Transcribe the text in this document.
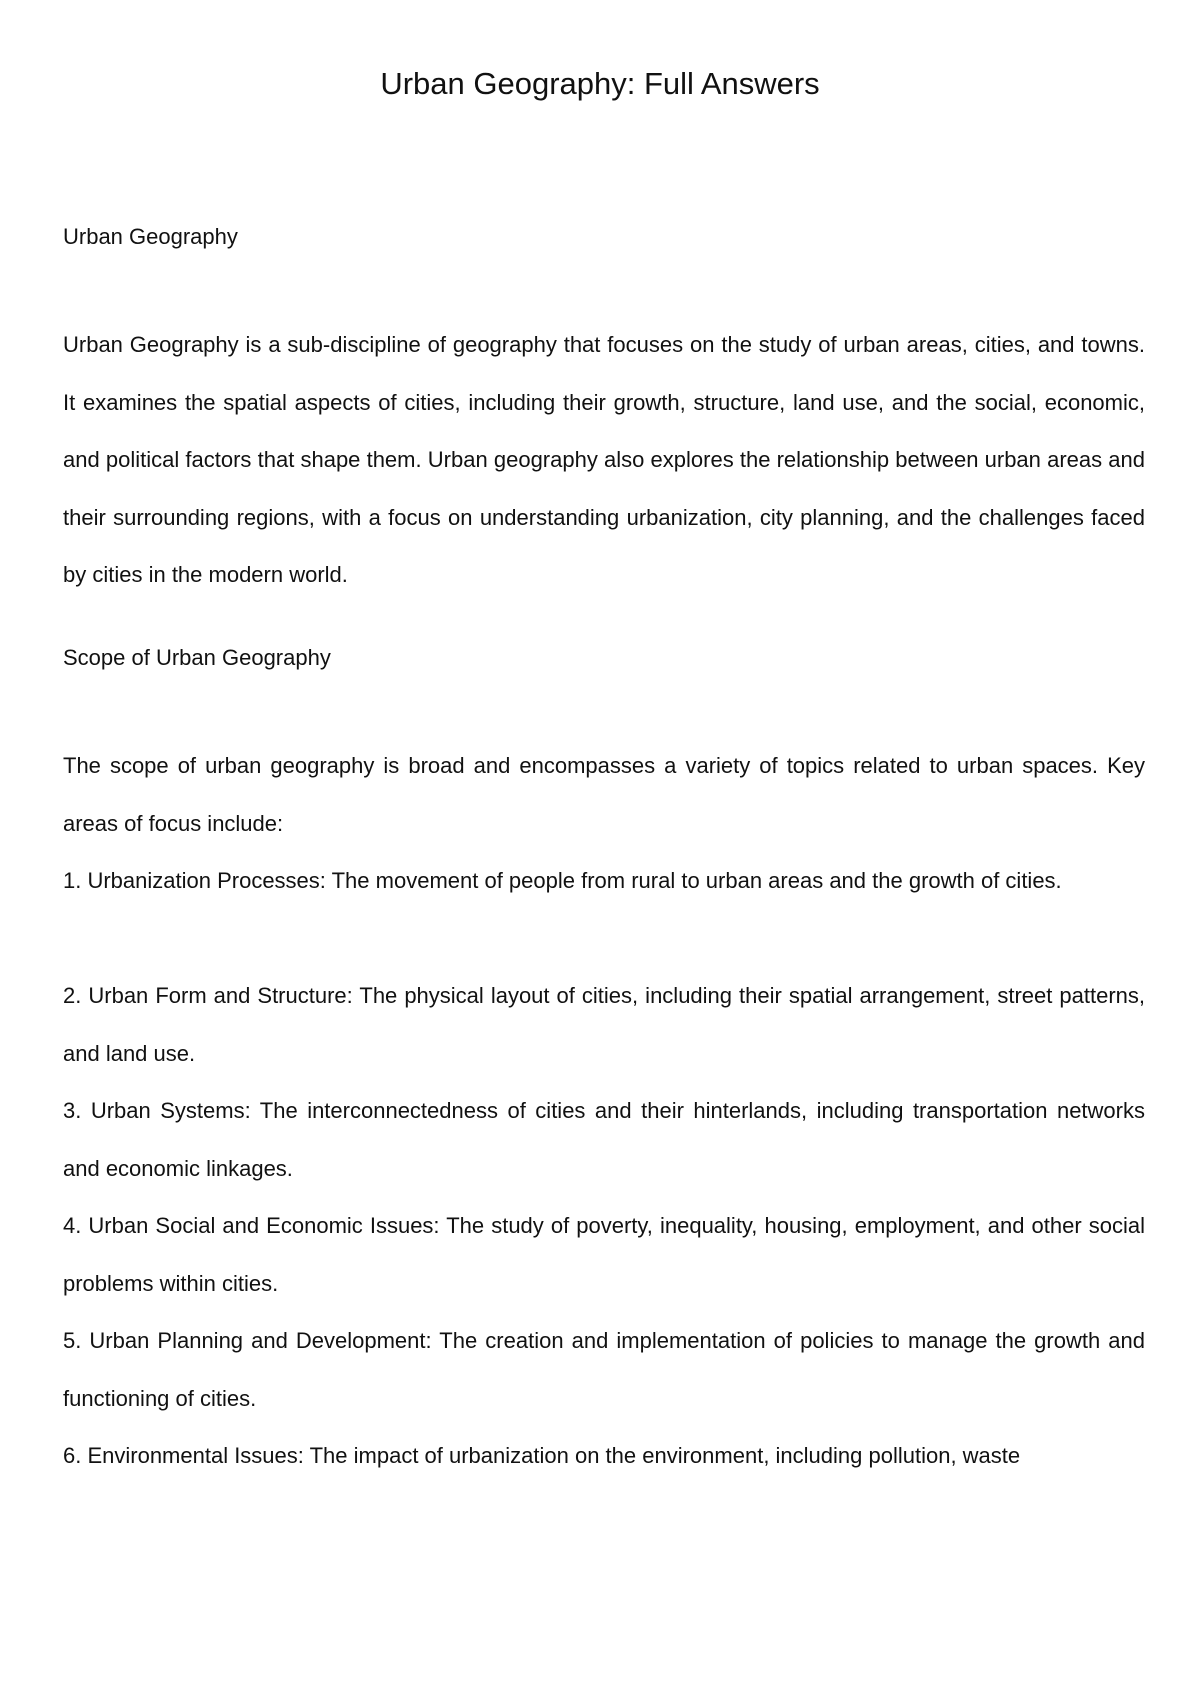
Urban Geography: Full Answers
Urban Geography

Urban Geography is a sub-discipline of geography that focuses on the study of urban areas, cities, and towns. It examines the spatial aspects of cities, including their growth, structure, land use, and the social, economic, and political factors that shape them. Urban geography also explores the relationship between urban areas and their surrounding regions, with a focus on understanding urbanization, city planning, and the challenges faced by cities in the modern world.

Scope of Urban Geography

The scope of urban geography is broad and encompasses a variety of topics related to urban spaces. Key areas of focus include:

1. Urbanization Processes: The movement of people from rural to urban areas and the growth of cities.

2. Urban Form and Structure: The physical layout of cities, including their spatial arrangement, street patterns, and land use.

3. Urban Systems: The interconnectedness of cities and their hinterlands, including transportation networks and economic linkages.

4. Urban Social and Economic Issues: The study of poverty, inequality, housing, employment, and other social problems within cities.

5. Urban Planning and Development: The creation and implementation of policies to manage the growth and functioning of cities.

6. Environmental Issues: The impact of urbanization on the environment, including pollution, waste
